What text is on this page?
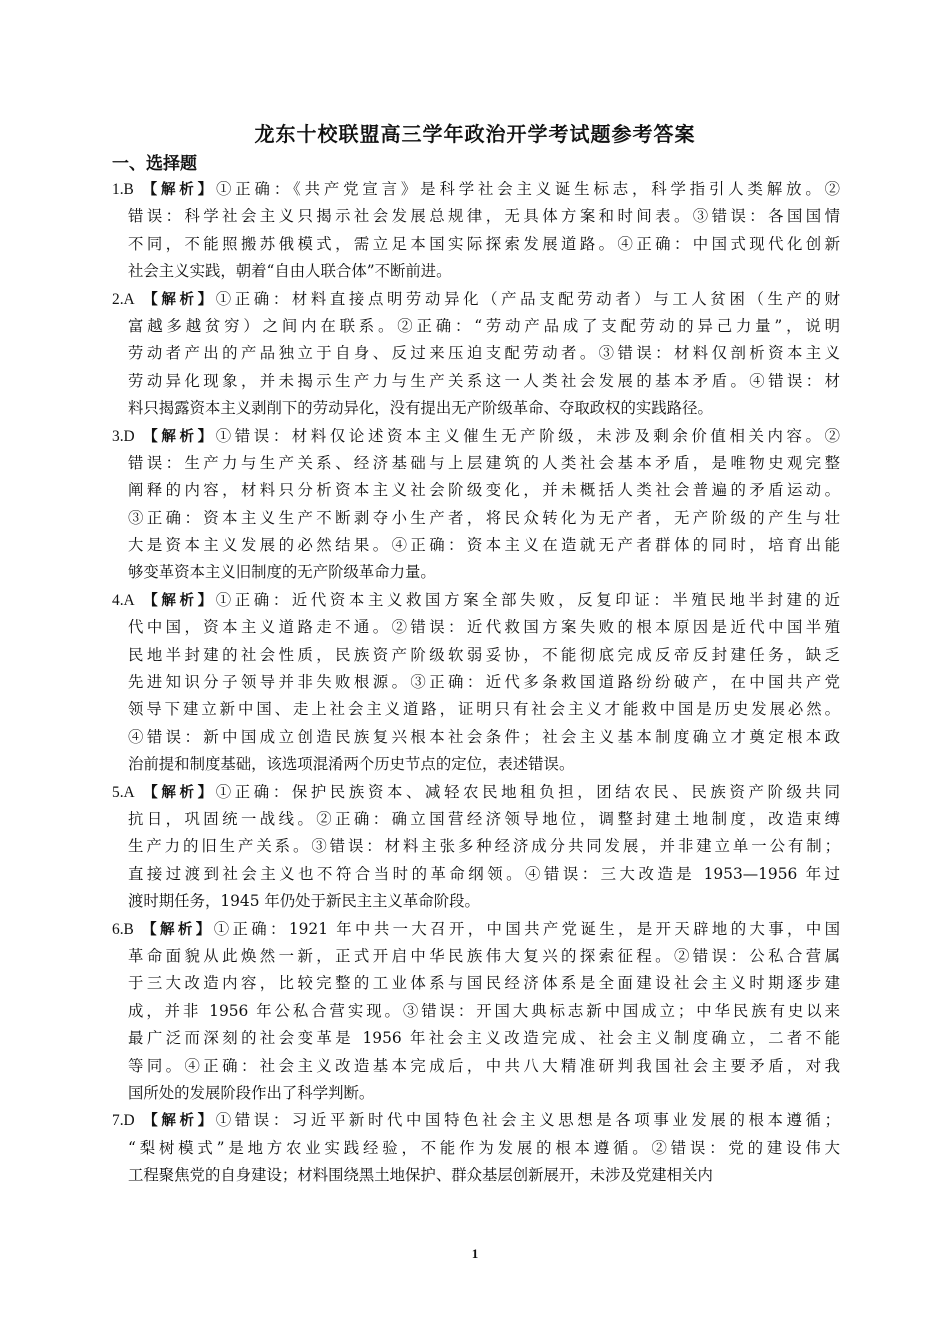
龙东十校联盟高三学年政治开学考试题参考答案
一、选择题
1.B 【解析】①正确：《共产党宣言》是科学社会主义诞生标志，科学指引人类解放。②
错误：科学社会主义只揭示社会发展总规律，无具体方案和时间表。③错误：各国国情
不同，不能照搬苏俄模式，需立足本国实际探索发展道路。④正确：中国式现代化创新
社会主义实践，朝着“自由人联合体”不断前进。
2.A 【解析】①正确：材料直接点明劳动异化（产品支配劳动者）与工人贫困（生产的财
富越多越贫穷）之间内在联系。②正确：“劳动产品成了支配劳动的异己力量”，说明
劳动者产出的产品独立于自身、反过来压迫支配劳动者。③错误：材料仅剖析资本主义
劳动异化现象，并未揭示生产力与生产关系这一人类社会发展的基本矛盾。④错误：材
料只揭露资本主义剥削下的劳动异化，没有提出无产阶级革命、夺取政权的实践路径。
3.D 【解析】①错误：材料仅论述资本主义催生无产阶级，未涉及剩余价值相关内容。②
错误：生产力与生产关系、经济基础与上层建筑的人类社会基本矛盾，是唯物史观完整
阐释的内容，材料只分析资本主义社会阶级变化，并未概括人类社会普遍的矛盾运动。
③正确：资本主义生产不断剥夺小生产者，将民众转化为无产者，无产阶级的产生与壮
大是资本主义发展的必然结果。④正确：资本主义在造就无产者群体的同时，培育出能
够变革资本主义旧制度的无产阶级革命力量。
4.A 【解析】①正确：近代资本主义救国方案全部失败，反复印证：半殖民地半封建的近
代中国，资本主义道路走不通。②错误：近代救国方案失败的根本原因是近代中国半殖
民地半封建的社会性质，民族资产阶级软弱妥协，不能彻底完成反帝反封建任务，缺乏
先进知识分子领导并非失败根源。③正确：近代多条救国道路纷纷破产，在中国共产党
领导下建立新中国、走上社会主义道路，证明只有社会主义才能救中国是历史发展必然。
④错误：新中国成立创造民族复兴根本社会条件；社会主义基本制度确立才奠定根本政
治前提和制度基础，该选项混淆两个历史节点的定位，表述错误。
5.A 【解析】①正确：保护民族资本、减轻农民地租负担，团结农民、民族资产阶级共同
抗日，巩固统一战线。②正确：确立国营经济领导地位，调整封建土地制度，改造束缚
生产力的旧生产关系。③错误：材料主张多种经济成分共同发展，并非建立单一公有制；
直接过渡到社会主义也不符合当时的革命纲领。④错误：三大改造是 1953—1956 年过
渡时期任务，1945 年仍处于新民主主义革命阶段。
6.B 【解析】①正确：1921 年中共一大召开，中国共产党诞生，是开天辟地的大事，中国
革命面貌从此焕然一新，正式开启中华民族伟大复兴的探索征程。②错误：公私合营属
于三大改造内容，比较完整的工业体系与国民经济体系是全面建设社会主义时期逐步建
成，并非 1956 年公私合营实现。③错误：开国大典标志新中国成立；中华民族有史以来
最广泛而深刻的社会变革是 1956 年社会主义改造完成、社会主义制度确立，二者不能
等同。④正确：社会主义改造基本完成后，中共八大精准研判我国社会主要矛盾，对我
国所处的发展阶段作出了科学判断。
7.D 【解析】①错误：习近平新时代中国特色社会主义思想是各项事业发展的根本遵循；
“梨树模式”是地方农业实践经验，不能作为发展的根本遵循。②错误：党的建设伟大
工程聚焦党的自身建设；材料围绕黑土地保护、群众基层创新展开，未涉及党建相关内
1
